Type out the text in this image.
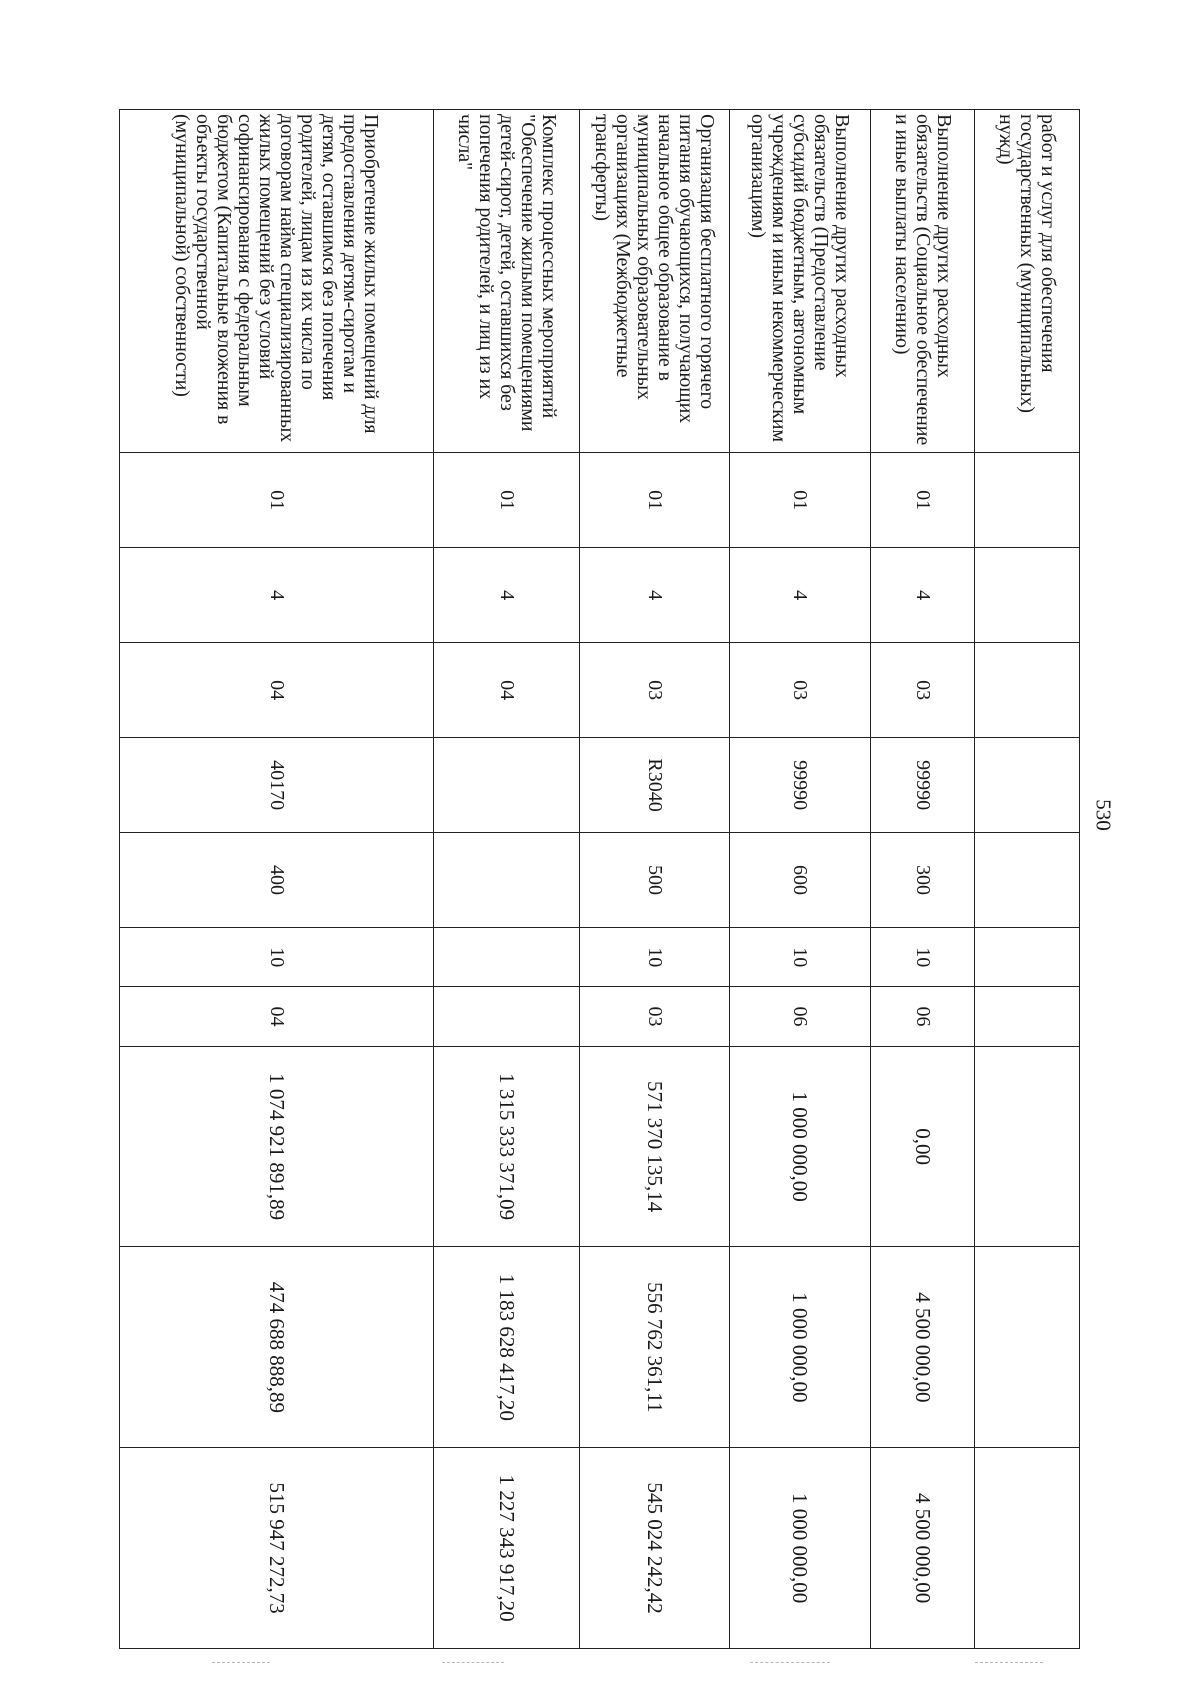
530
работ и услуг для обеспечения государственных (муниципальных) нужд)										
Выполнение других расходных обязательств (Социальное обеспечение и иные выплаты населению)	01	4	03	99990	300	10	06	0,00	4 500 000,00	4 500 000,00
Выполнение других расходных обязательств (Предоставление субсидий бюджетным, автономным учреждениям и иным некоммерческим организациям)	01	4	03	99990	600	10	06	1 000 000,00	1 000 000,00	1 000 000,00
Организация бесплатного горячего питания обучающихся, получающих начальное общее образование в муниципальных образовательных организациях (Межбюджетные трансферты)	01	4	03	R3040	500	10	03	571 370 135,14	556 762 361,11	545 024 242,42
Комплекс процессных мероприятий "Обеспечение жилыми помещениями детей-сирот, детей, оставшихся без попечения родителей, и лиц из их числа"	01	4	04					1 315 333 371,09	1 183 628 417,20	1 227 343 917,20
Приобретение жилых помещений для предоставления детям-сиротам и детям, оставшимся без попечения родителей, лицам из их числа по договорам найма специализированных жилых помещений без условий софинансирования с федеральным бюджетом (Капитальные вложения в объекты государственной (муниципальной) собственности)	01	4	04	40170	400	10	04	1 074 921 891,89	474 688 888,89	515 947 272,73
